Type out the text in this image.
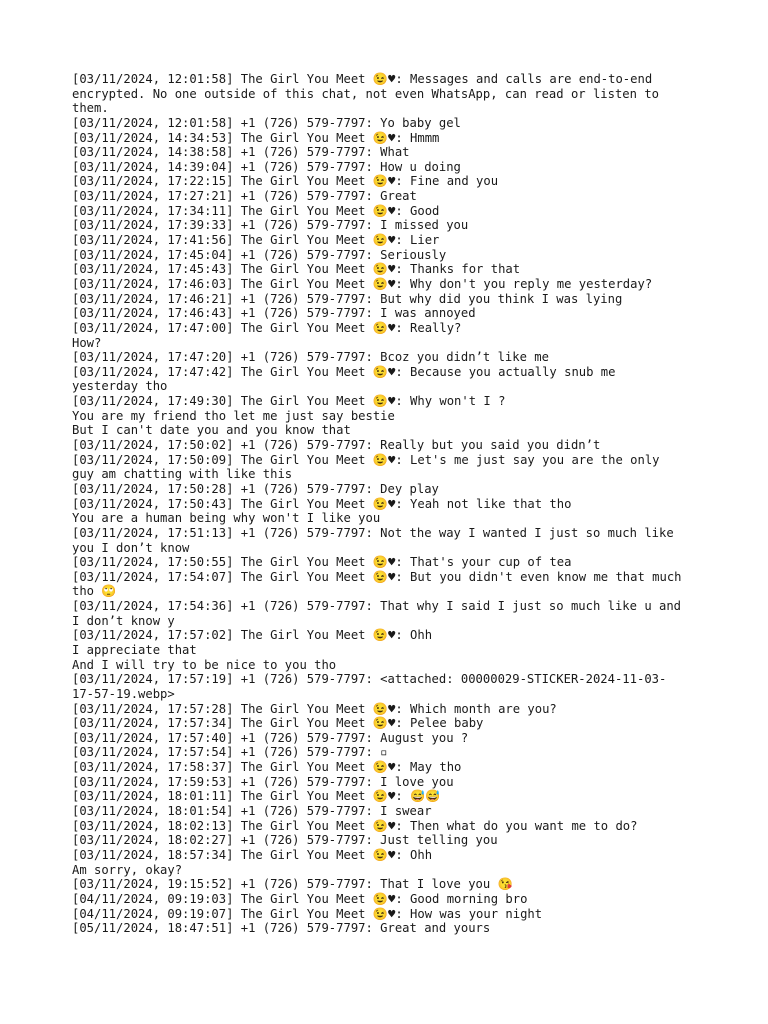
[03/11/2024, 12:01:58] The Girl You Meet 😉♥: Messages and calls are end-to-end
encrypted. No one outside of this chat, not even WhatsApp, can read or listen to
them.
[03/11/2024, 12:01:58] +1 (726) 579-7797: Yo baby gel
[03/11/2024, 14:34:53] The Girl You Meet 😉♥: Hmmm
[03/11/2024, 14:38:58] +1 (726) 579-7797: What
[03/11/2024, 14:39:04] +1 (726) 579-7797: How u doing
[03/11/2024, 17:22:15] The Girl You Meet 😉♥: Fine and you
[03/11/2024, 17:27:21] +1 (726) 579-7797: Great
[03/11/2024, 17:34:11] The Girl You Meet 😉♥: Good
[03/11/2024, 17:39:33] +1 (726) 579-7797: I missed you
[03/11/2024, 17:41:56] The Girl You Meet 😉♥: Lier
[03/11/2024, 17:45:04] +1 (726) 579-7797: Seriously
[03/11/2024, 17:45:43] The Girl You Meet 😉♥: Thanks for that
[03/11/2024, 17:46:03] The Girl You Meet 😉♥: Why don't you reply me yesterday?
[03/11/2024, 17:46:21] +1 (726) 579-7797: But why did you think I was lying
[03/11/2024, 17:46:43] +1 (726) 579-7797: I was annoyed
[03/11/2024, 17:47:00] The Girl You Meet 😉♥: Really?
How?
[03/11/2024, 17:47:20] +1 (726) 579-7797: Bcoz you didn’t like me
[03/11/2024, 17:47:42] The Girl You Meet 😉♥: Because you actually snub me
yesterday tho
[03/11/2024, 17:49:30] The Girl You Meet 😉♥: Why won't I ?
You are my friend tho let me just say bestie
But I can't date you and you know that
[03/11/2024, 17:50:02] +1 (726) 579-7797: Really but you said you didn’t
[03/11/2024, 17:50:09] The Girl You Meet 😉♥: Let's me just say you are the only
guy am chatting with like this
[03/11/2024, 17:50:28] +1 (726) 579-7797: Dey play
[03/11/2024, 17:50:43] The Girl You Meet 😉♥: Yeah not like that tho
You are a human being why won't I like you
[03/11/2024, 17:51:13] +1 (726) 579-7797: Not the way I wanted I just so much like
you I don’t know
[03/11/2024, 17:50:55] The Girl You Meet 😉♥: That's your cup of tea
[03/11/2024, 17:54:07] The Girl You Meet 😉♥: But you didn't even know me that much
tho 🙄
[03/11/2024, 17:54:36] +1 (726) 579-7797: That why I said I just so much like u and
I don’t know y
[03/11/2024, 17:57:02] The Girl You Meet 😉♥: Ohh
I appreciate that
And I will try to be nice to you tho
[03/11/2024, 17:57:19] +1 (726) 579-7797: <attached: 00000029-STICKER-2024-11-03-
17-57-19.webp>
[03/11/2024, 17:57:28] The Girl You Meet 😉♥: Which month are you?
[03/11/2024, 17:57:34] The Girl You Meet 😉♥: Pelee baby
[03/11/2024, 17:57:40] +1 (726) 579-7797: August you ?
[03/11/2024, 17:57:54] +1 (726) 579-7797: ▫
[03/11/2024, 17:58:37] The Girl You Meet 😉♥: May tho
[03/11/2024, 17:59:53] +1 (726) 579-7797: I love you
[03/11/2024, 18:01:11] The Girl You Meet 😉♥: 😅😅
[03/11/2024, 18:01:54] +1 (726) 579-7797: I swear
[03/11/2024, 18:02:13] The Girl You Meet 😉♥: Then what do you want me to do?
[03/11/2024, 18:02:27] +1 (726) 579-7797: Just telling you
[03/11/2024, 18:57:34] The Girl You Meet 😉♥: Ohh
Am sorry, okay?
[03/11/2024, 19:15:52] +1 (726) 579-7797: That I love you 😘
[04/11/2024, 09:19:03] The Girl You Meet 😉♥: Good morning bro
[04/11/2024, 09:19:07] The Girl You Meet 😉♥: How was your night
[05/11/2024, 18:47:51] +1 (726) 579-7797: Great and yours
